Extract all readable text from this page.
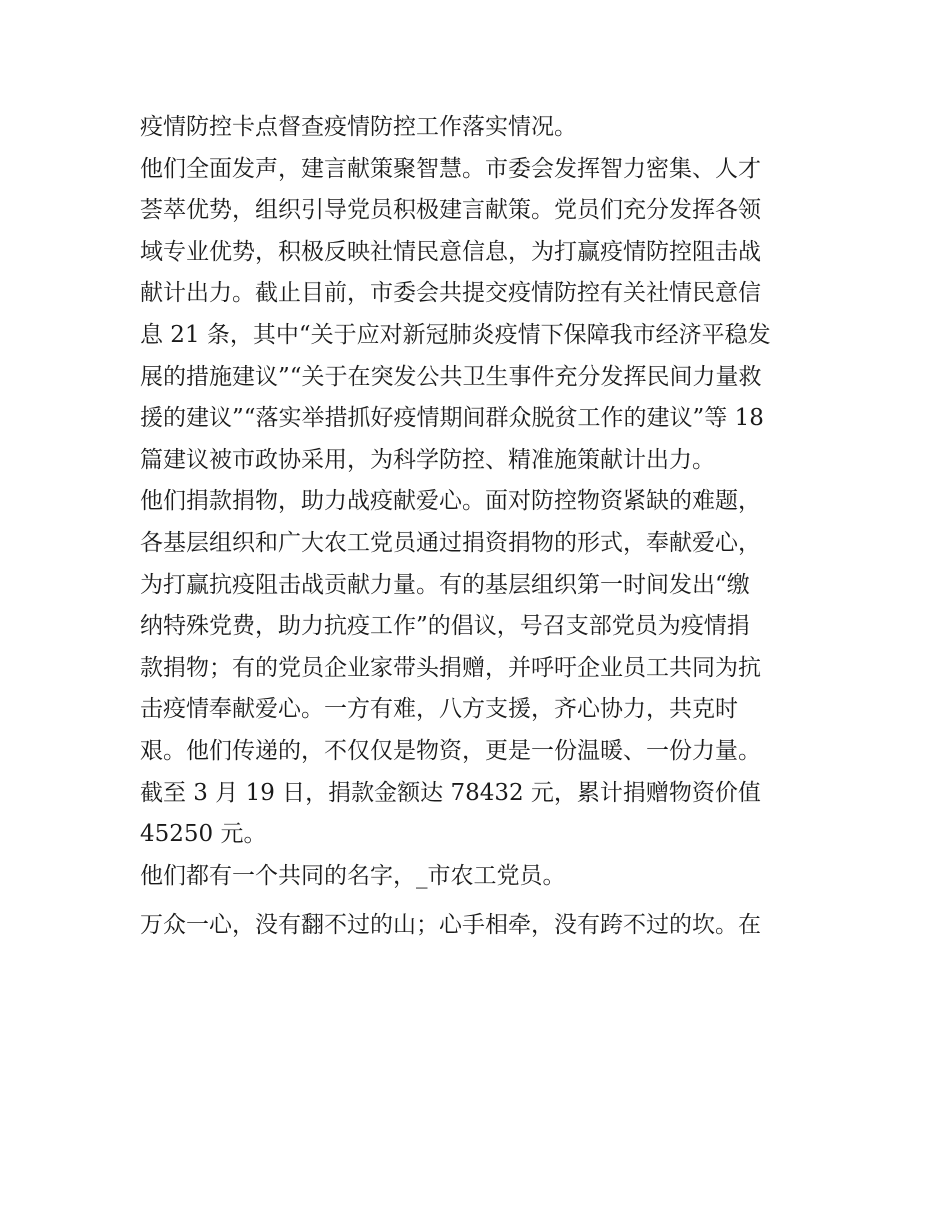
疫情防控卡点督查疫情防控工作落实情况。

他们全面发声，建言献策聚智慧。市委会发挥智力密集、人才

荟萃优势，组织引导党员积极建言献策。党员们充分发挥各领

域专业优势，积极反映社情民意信息，为打赢疫情防控阻击战

献计出力。截止目前，市委会共提交疫情防控有关社情民意信

息 21 条，其中“关于应对新冠肺炎疫情下保障我市经济平稳发

展的措施建议”“关于在突发公共卫生事件充分发挥民间力量救

援的建议”“落实举措抓好疫情期间群众脱贫工作的建议”等 18

篇建议被市政协采用，为科学防控、精准施策献计出力。

他们捐款捐物，助力战疫献爱心。面对防控物资紧缺的难题，

各基层组织和广大农工党员通过捐资捐物的形式，奉献爱心，

为打赢抗疫阻击战贡献力量。有的基层组织第一时间发出“缴

纳特殊党费，助力抗疫工作”的倡议，号召支部党员为疫情捐

款捐物；有的党员企业家带头捐赠，并呼吁企业员工共同为抗

击疫情奉献爱心。一方有难，八方支援，齐心协力，共克时

艰。他们传递的，不仅仅是物资，更是一份温暖、一份力量。

截至 3 月 19 日，捐款金额达 78432 元，累计捐赠物资价值

45250 元。

他们都有一个共同的名字，_市农工党员。

万众一心，没有翻不过的山；心手相牵，没有跨不过的坎。在
